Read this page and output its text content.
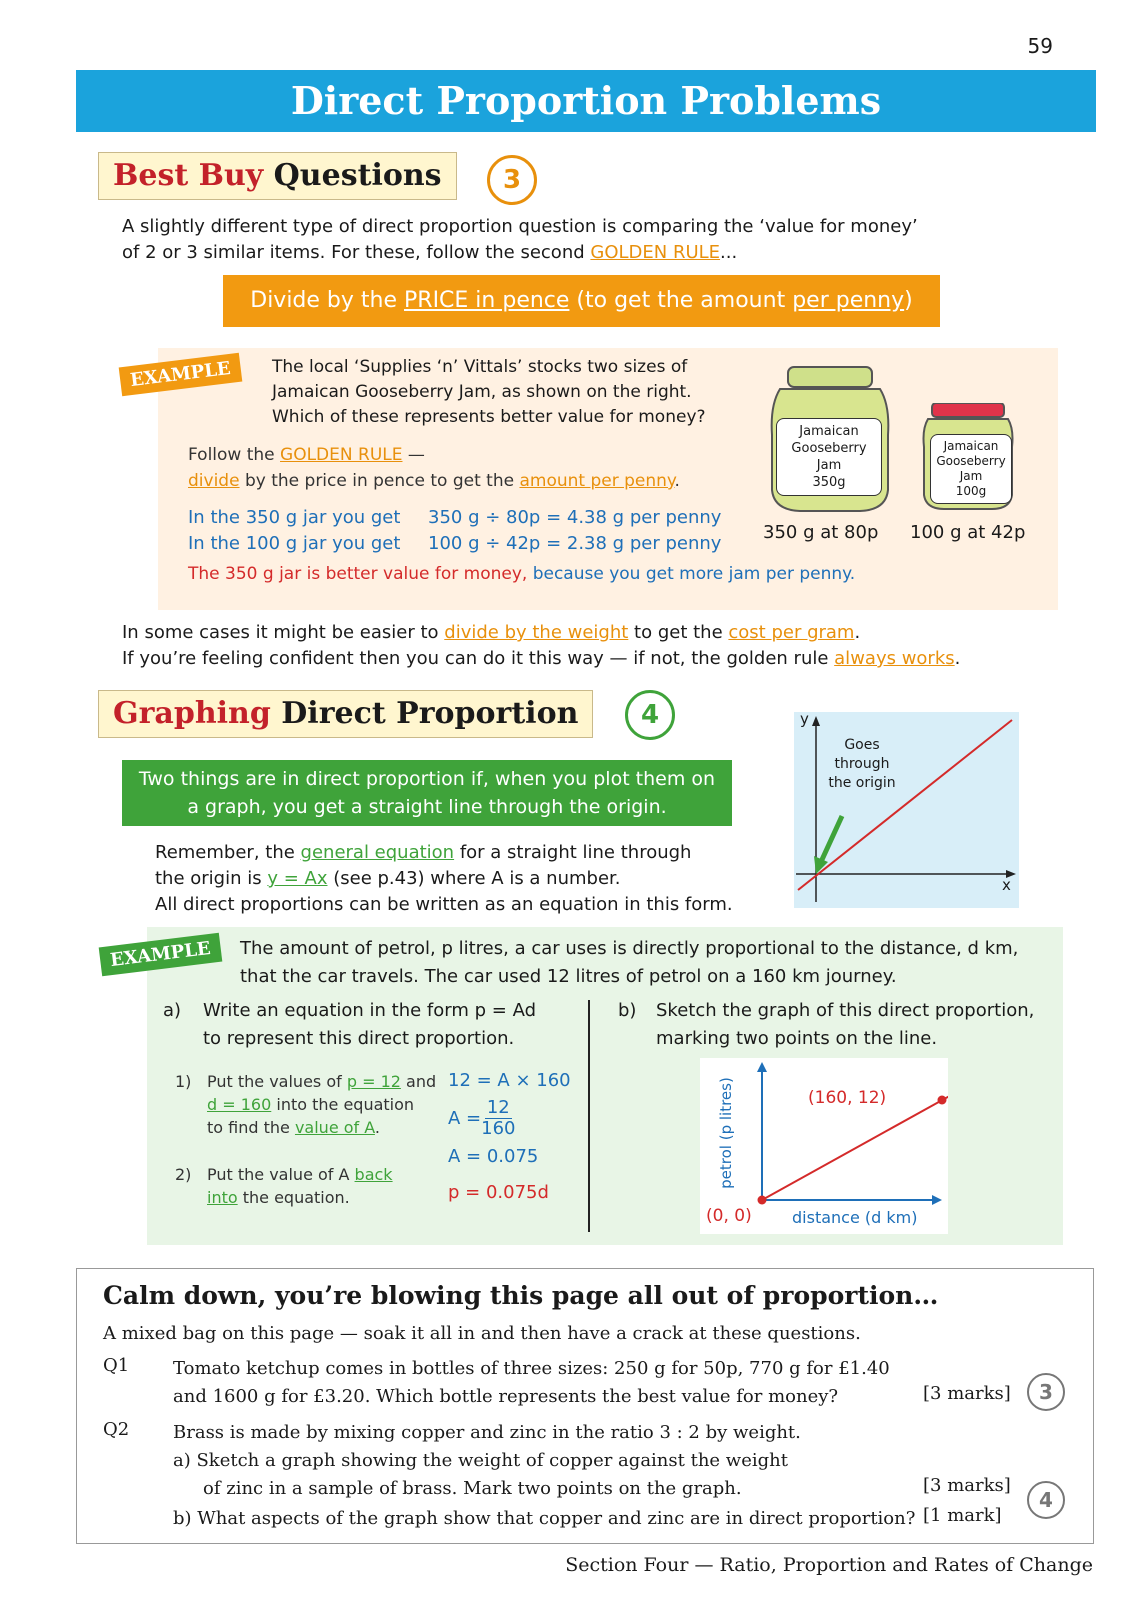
59
Direct Proportion Problems
Best Buy Questions	3
A slightly different type of direct proportion question is comparing the ‘value for money’
of 2 or 3 similar items. For these, follow the second GOLDEN RULE...
Divide by the PRICE in pence (to get the amount per penny)
EXAMPLE	The local ‘Supplies ‘n’ Vittals’ stocks two sizes of
Jamaican Gooseberry Jam, as shown on the right.
Which of these represents better value for money?
Follow the GOLDEN RULE —
divide by the price in pence to get the amount per penny.
In the 350 g jar you get 350 g ÷ 80p = 4.38 g per penny
In the 100 g jar you get 100 g ÷ 42p = 2.38 g per penny
The 350 g jar is better value for money, because you get more jam per penny.
Jamaican
Gooseberry
Jam
350g
Jamaican
Gooseberry
Jam
100g
350 g at 80p 100 g at 42p
In some cases it might be easier to divide by the weight to get the cost per gram.
If you’re feeling confident then you can do it this way — if not, the golden rule always works.
Graphing Direct Proportion	4
Two things are in direct proportion if, when you plot them on
a graph, you get a straight line through the origin.
Remember, the general equation for a straight line through
the origin is y = Ax (see p.43) where A is a number.
All direct proportions can be written as an equation in this form.
y
x
Goes
through
the origin
EXAMPLE	The amount of petrol, p litres, a car uses is directly proportional to the distance, d km,
that the car travels. The car used 12 litres of petrol on a 160 km journey.
a)	Write an equation in the form p = Ad
to represent this direct proportion.
1) Put the values of p = 12 and
d = 160 into the equation
to find the value of A.
2) Put the value of A back
into the equation.
12 = A × 160
$A = \frac{12}{160}$
A = 0.075
p = 0.075d
b)	Sketch the graph of this direct proportion,
marking two points on the line.
(160, 12)
(0, 0)	distance (d km)
petrol (p litres)
Calm down, you’re blowing this page all out of proportion…
A mixed bag on this page — soak it all in and then have a crack at these questions.
Q1 Tomato ketchup comes in bottles of three sizes: 250 g for 50p, 770 g for £1.40
and 1600 g for £3.20. Which bottle represents the best value for money?	[3 marks]	3
Q2 Brass is made by mixing copper and zinc in the ratio 3 : 2 by weight.
a) Sketch a graph showing the weight of copper against the weight
of zinc in a sample of brass. Mark two points on the graph.
b) What aspects of the graph show that copper and zinc are in direct proportion?
[3 marks]
[1 mark]
4
Section Four — Ratio, Proportion and Rates of Change
